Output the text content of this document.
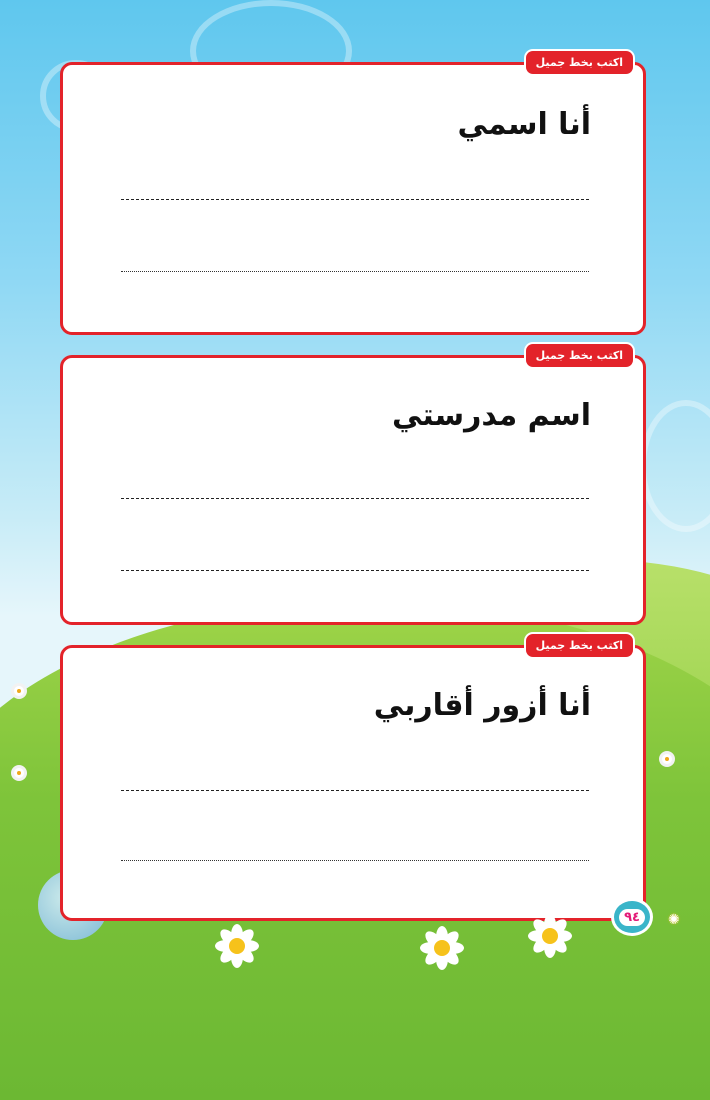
اكتب بخط جميل
أنا اسمي
اكتب بخط جميل
اسم مدرستي
اكتب بخط جميل
أنا أزور أقاربي
٩٤	✺
